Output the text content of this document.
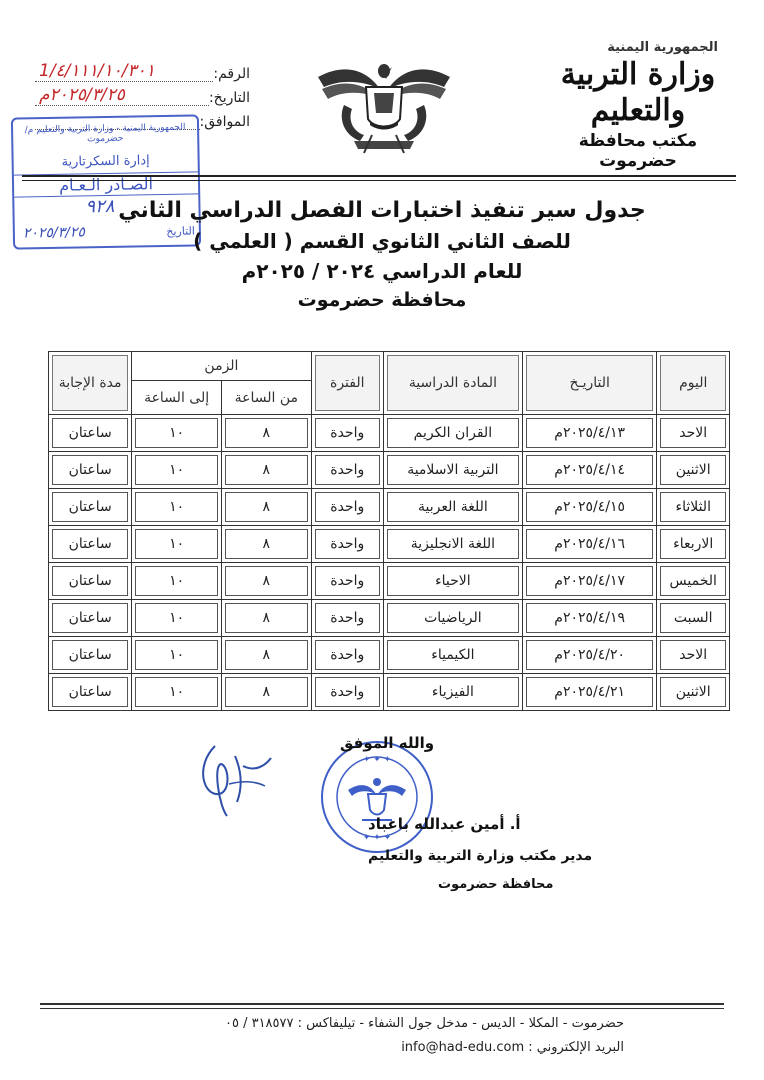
الجمهورية اليمنية
وزارة التربية والتعليم
مكتب محافظة حضرموت
الرقم
:
1/٤/١١١/١٠/٣٠١
التاريخ
:
٢٠٢٥/٣/٢٥م
الموافق
:
الجمهورية اليمنية - وزارة التربية والتعليم م/ حضرموت
إدارة السكرتارية
الصـادر الـعـام
٩٢٨
التاريخ
٢٠٢٥/٣/٢٥
جدول سير تنفيذ اختبارات الفصل الدراسي الثاني
للصف الثاني الثانوي القسم ( العلمي )
للعام الدراسي ٢٠٢٤ / ٢٠٢٥م
محافظة حضرموت
اليوم	التاريـخ	المادة الدراسية	الفترة	الزمن		مدة الإجابة

				من الساعة	إلى الساعة	

الاحد	٢٠٢٥/٤/١٣م	القران الكريم	واحدة	٨	١٠	ساعتان

الاثنين	٢٠٢٥/٤/١٤م	التربية الاسلامية	واحدة	٨	١٠	ساعتان

الثلاثاء	٢٠٢٥/٤/١٥م	اللغة العربية	واحدة	٨	١٠	ساعتان

الاربعاء	٢٠٢٥/٤/١٦م	اللغة الانجليزية	واحدة	٨	١٠	ساعتان

الخميس	٢٠٢٥/٤/١٧م	الاحياء	واحدة	٨	١٠	ساعتان

السبت	٢٠٢٥/٤/١٩م	الرياضيات	واحدة	٨	١٠	ساعتان

الاحد	٢٠٢٥/٤/٢٠م	الكيمياء	واحدة	٨	١٠	ساعتان

الاثنين	٢٠٢٥/٤/٢١م	الفيزياء	واحدة	٨	١٠	ساعتان
✦ ✦ ✦
✦ ✦ ✦
والله الموفق
أ. أمين عبدالله باعباد
مدير مكتب وزارة التربية والتعليم
محافظة حضرموت
حضرموت - المكلا - الديس - مدخل جول الشفاء - تيليفاكس : ٣١٨٥٧٧ / ٠٥
البريد الإلكتروني : info@had-edu.com
